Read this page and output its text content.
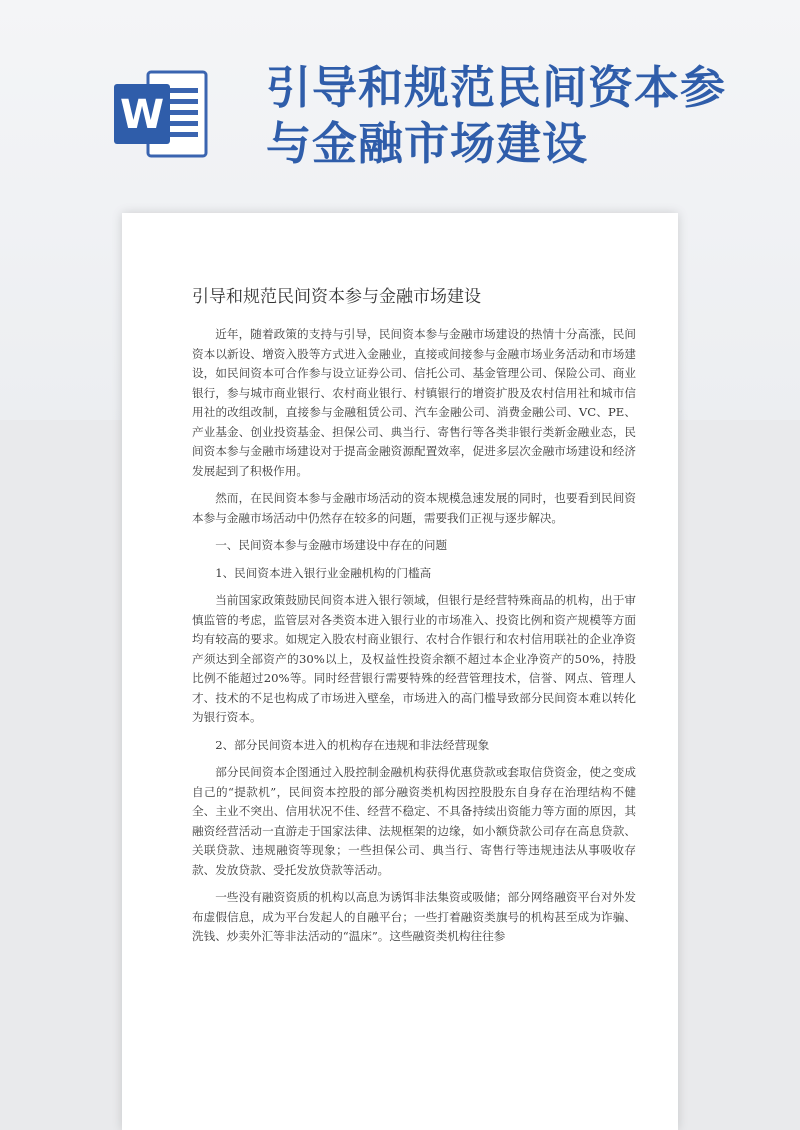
W
引导和规范民间资本参
与金融市场建设
引导和规范民间资本参与金融市场建设

近年，随着政策的支持与引导，民间资本参与金融市场建设的热情十分高涨，民间资本以新设、增资入股等方式进入金融业，直接或间接参与金融市场业务活动和市场建设，如民间资本可合作参与设立证券公司、信托公司、基金管理公司、保险公司、商业银行，参与城市商业银行、农村商业银行、村镇银行的增资扩股及农村信用社和城市信用社的改组改制，直接参与金融租赁公司、汽车金融公司、消费金融公司、VC、PE、产业基金、创业投资基金、担保公司、典当行、寄售行等各类非银行类新金融业态，民间资本参与金融市场建设对于提高金融资源配置效率，促进多层次金融市场建设和经济发展起到了积极作用。

然而，在民间资本参与金融市场活动的资本规模急速发展的同时，也要看到民间资本参与金融市场活动中仍然存在较多的问题，需要我们正视与逐步解决。

一、民间资本参与金融市场建设中存在的问题

1、民间资本进入银行业金融机构的门槛高

当前国家政策鼓励民间资本进入银行领域，但银行是经营特殊商品的机构，出于审慎监管的考虑，监管层对各类资本进入银行业的市场准入、投资比例和资产规模等方面均有较高的要求。如规定入股农村商业银行、农村合作银行和农村信用联社的企业净资产须达到全部资产的30%以上，及权益性投资余额不超过本企业净资产的50%，持股比例不能超过20%等。同时经营银行需要特殊的经营管理技术，信誉、网点、管理人才、技术的不足也构成了市场进入壁垒，市场进入的高门槛导致部分民间资本难以转化为银行资本。

2、部分民间资本进入的机构存在违规和非法经营现象

部分民间资本企图通过入股控制金融机构获得优惠贷款或套取信贷资金，使之变成自己的“提款机”，民间资本控股的部分融资类机构因控股股东自身存在治理结构不健全、主业不突出、信用状况不佳、经营不稳定、不具备持续出资能力等方面的原因，其融资经营活动一直游走于国家法律、法规框架的边缘，如小额贷款公司存在高息贷款、关联贷款、违规融资等现象；一些担保公司、典当行、寄售行等违规违法从事吸收存款、发放贷款、受托发放贷款等活动。

一些没有融资资质的机构以高息为诱饵非法集资或吸储；部分网络融资平台对外发布虚假信息，成为平台发起人的自融平台；一些打着融资类旗号的机构甚至成为诈骗、洗钱、炒卖外汇等非法活动的“温床”。这些融资类机构往往参
